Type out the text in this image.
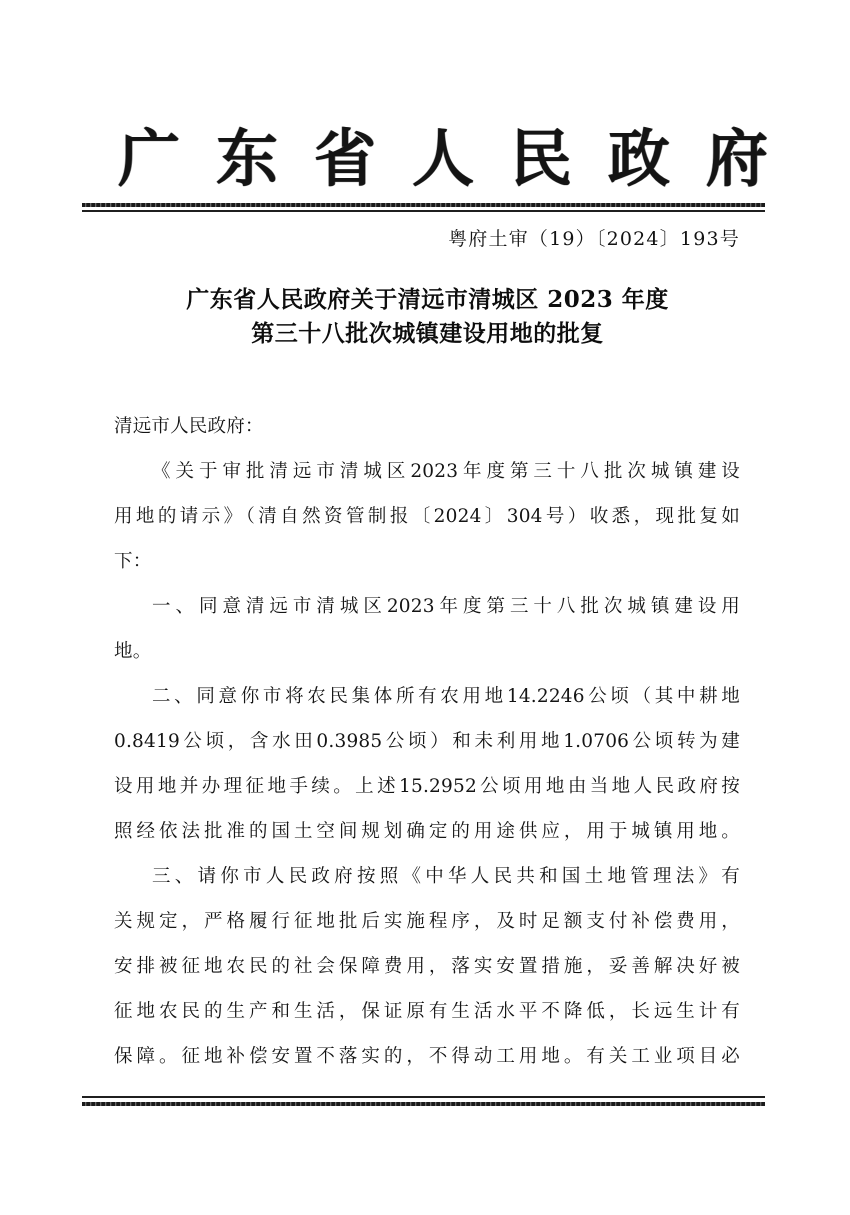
广 东 省 人 民 政 府
粤府土审（19）〔2024〕193号
广东省人民政府关于清远市清城区 2023 年度
第三十八批次城镇建设用地的批复
清远市人民政府：
《关于审批清远市清城区2023年度第三十八批次城镇建设
用地的请示》（清自然资管制报〔2024〕304号）收悉，现批复如
下：
一、同意清远市清城区2023年度第三十八批次城镇建设用
地。
二、同意你市将农民集体所有农用地14.2246公顷（其中耕地
0.8419公顷，含水田0.3985公顷）和未利用地1.0706公顷转为建
设用地并办理征地手续。上述15.2952公顷用地由当地人民政府按
照经依法批准的国土空间规划确定的用途供应，用于城镇用地。
三、请你市人民政府按照《中华人民共和国土地管理法》有
关规定，严格履行征地批后实施程序，及时足额支付补偿费用，
安排被征地农民的社会保障费用，落实安置措施，妥善解决好被
征地农民的生产和生活，保证原有生活水平不降低，长远生计有
保障。征地补偿安置不落实的，不得动工用地。有关工业项目必
